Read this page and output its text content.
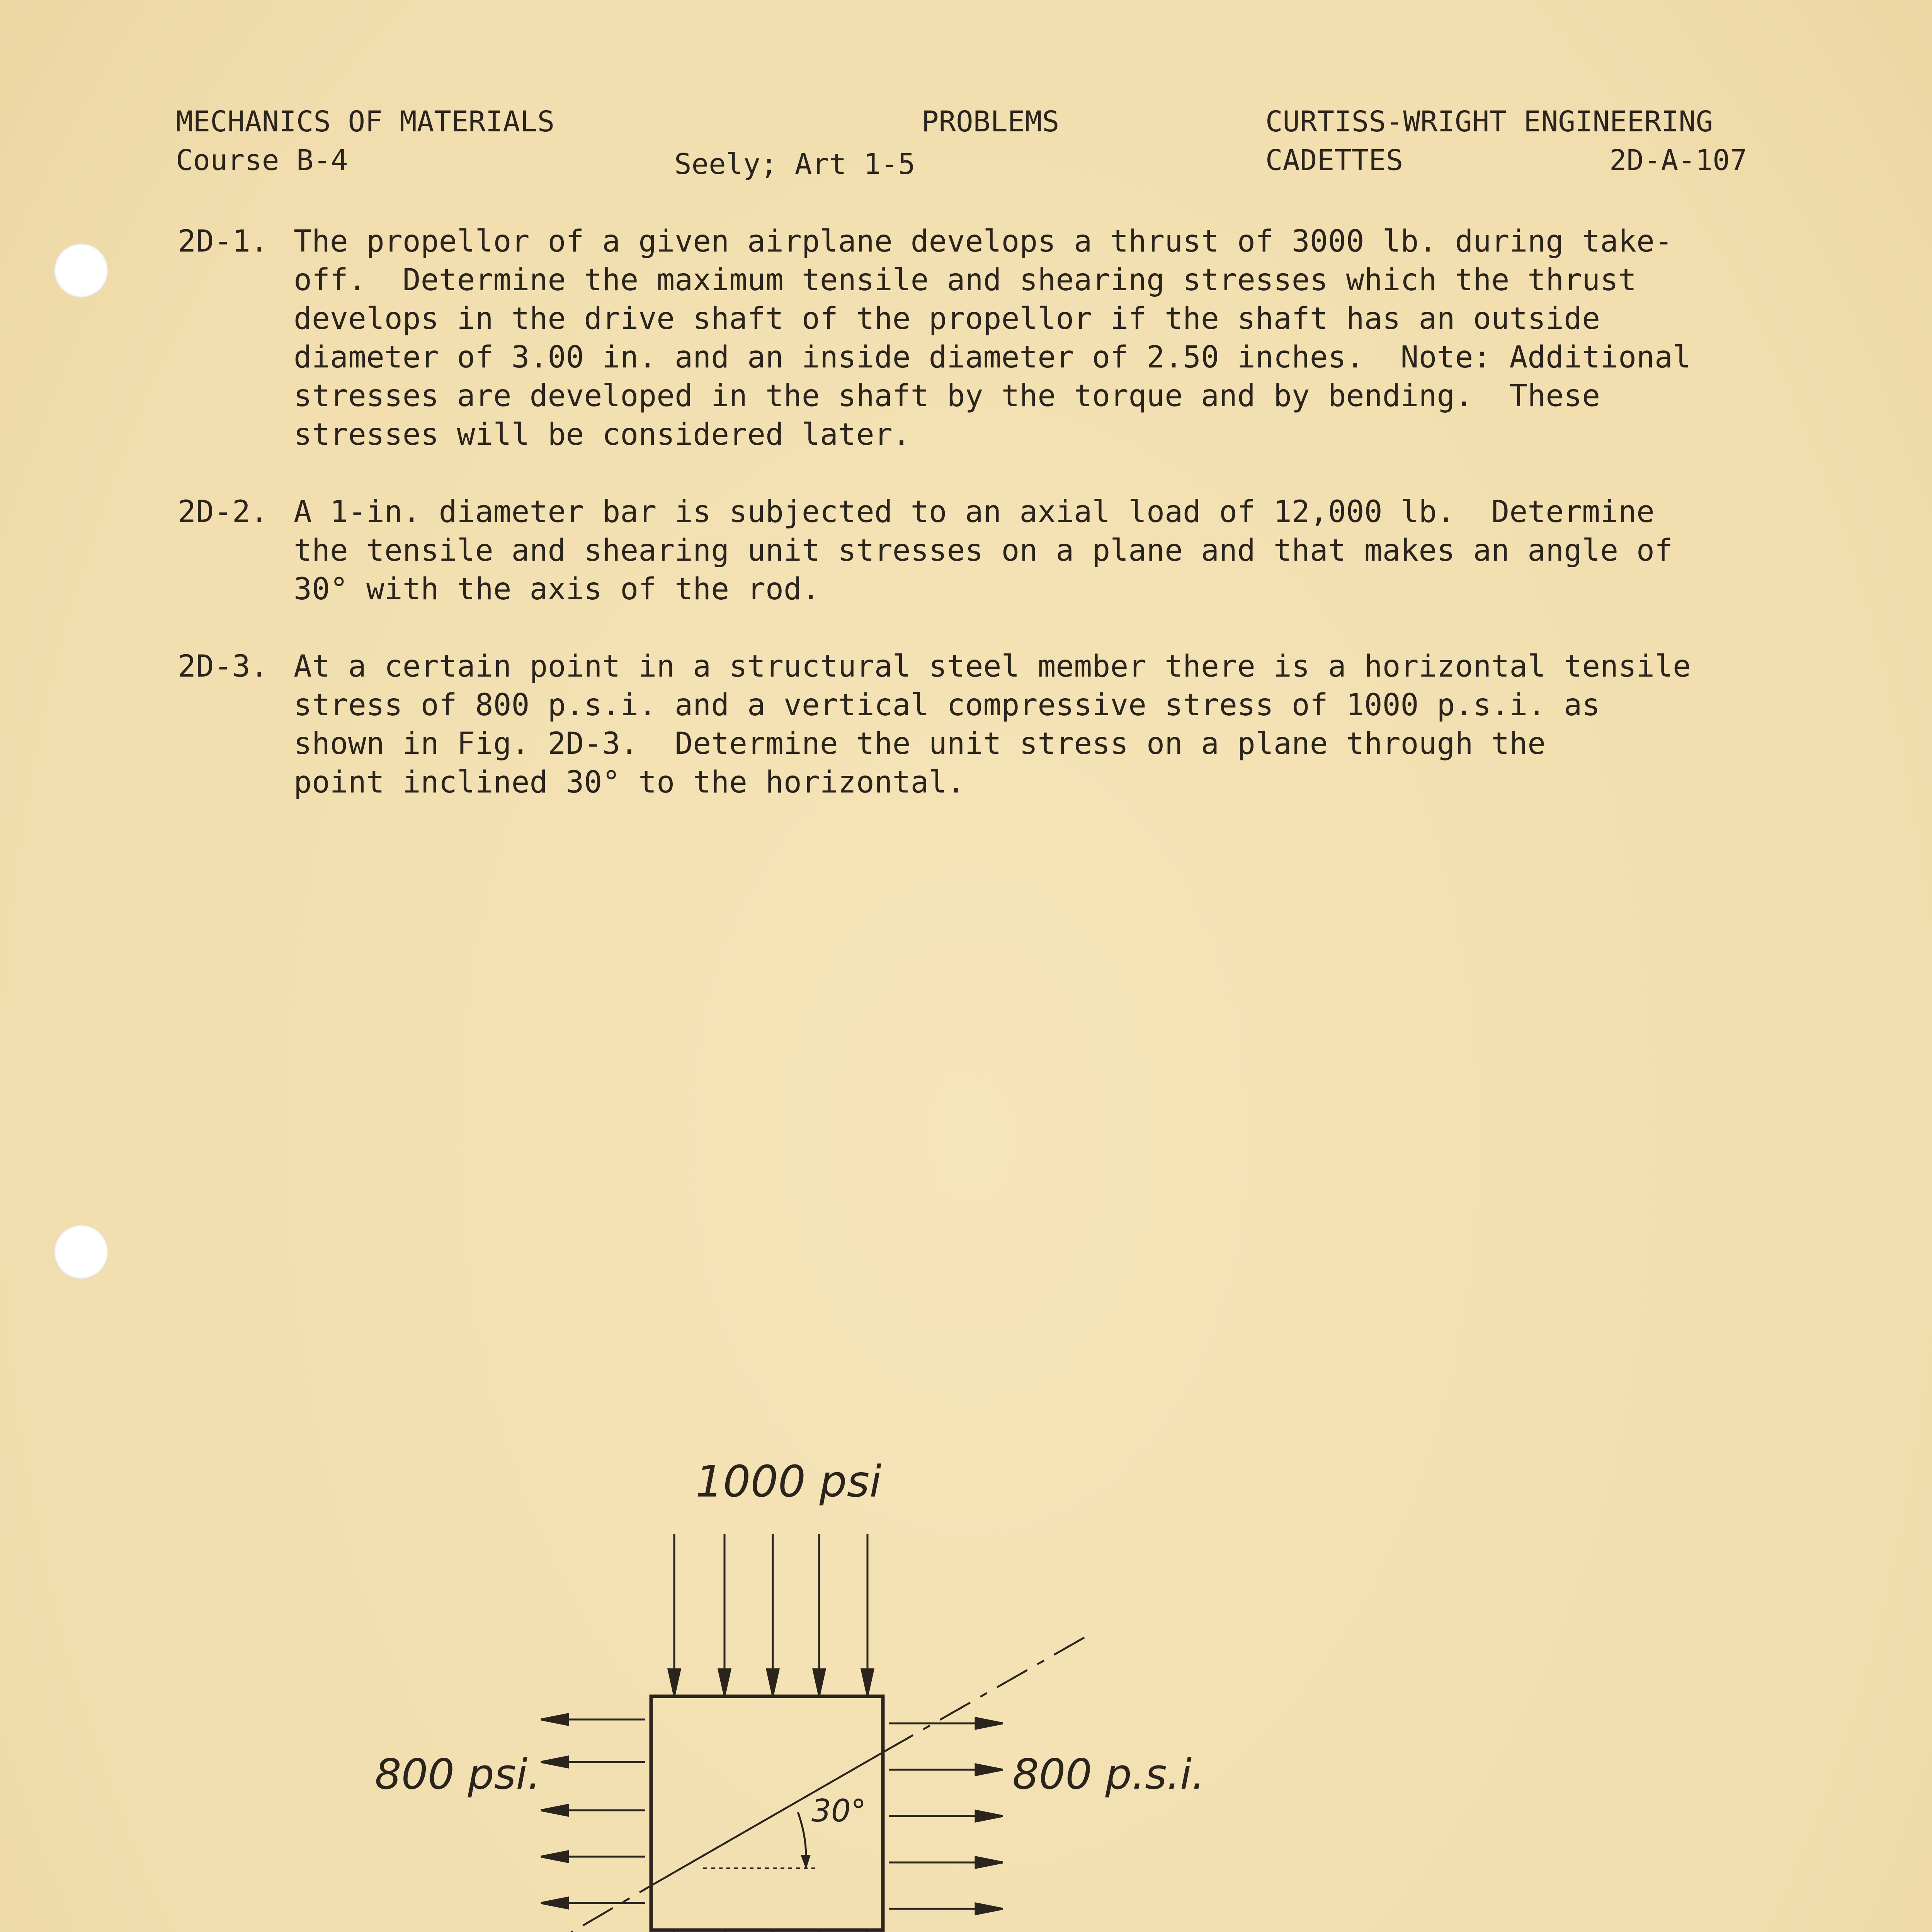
MECHANICS OF MATERIALS
Course B-4
PROBLEMS
Seely; Art 1-5
CURTISS-WRIGHT ENGINEERING
CADETTES	2D-A-107
2D-1. The propellor of a given airplane develops a thrust of 3000 lb. during take-
off.  Determine the maximum tensile and shearing stresses which the thrust
develops in the drive shaft of the propellor if the shaft has an outside
diameter of 3.00 in. and an inside diameter of 2.50 inches.  Note: Additional
stresses are developed in the shaft by the torque and by bending.  These
stresses will be considered later.
2D-2. A 1-in. diameter bar is subjected to an axial load of 12,000 lb.  Determine
the tensile and shearing unit stresses on a plane and that makes an angle of
30° with the axis of the rod.
2D-3. At a certain point in a structural steel member there is a horizontal tensile
stress of 800 p.s.i. and a vertical compressive stress of 1000 p.s.i. as
shown in Fig. 2D-3.  Determine the unit stress on a plane through the
point inclined 30° to the horizontal.
1000 psi
800 psi.	800 p.s.i.
30°
